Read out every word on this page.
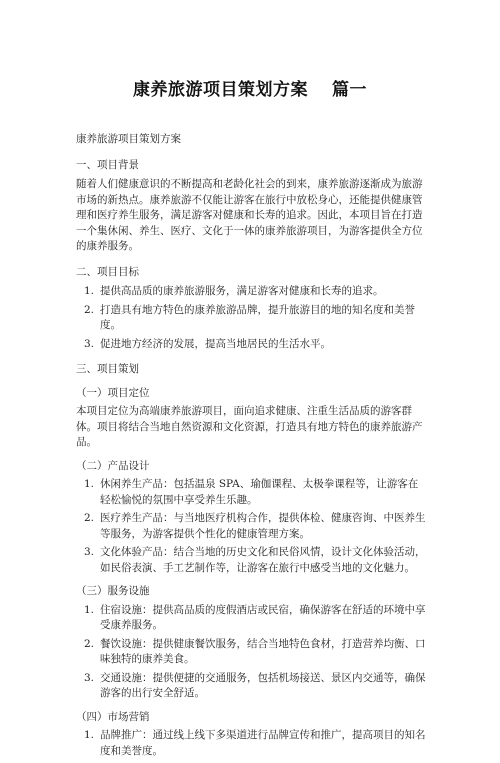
康养旅游项目策划方案　 篇一

康养旅游项目策划方案

一、项目背景

随着人们健康意识的不断提高和老龄化社会的到来，康养旅游逐渐成为旅游市场的新热点。康养旅游不仅能让游客在旅行中放松身心，还能提供健康管理和医疗养生服务，满足游客对健康和长寿的追求。因此，本项目旨在打造一个集休闲、养生、医疗、文化于一体的康养旅游项目，为游客提供全方位的康养服务。

二、项目目标

1. 提供高品质的康养旅游服务，满足游客对健康和长寿的追求。
2. 打造具有地方特色的康养旅游品牌，提升旅游目的地的知名度和美誉度。
3. 促进地方经济的发展，提高当地居民的生活水平。

三、项目策划

（一）项目定位

本项目定位为高端康养旅游项目，面向追求健康、注重生活品质的游客群体。项目将结合当地自然资源和文化资源，打造具有地方特色的康养旅游产品。

（二）产品设计

1. 休闲养生产品：包括温泉 SPA、瑜伽课程、太极拳课程等，让游客在轻松愉悦的氛围中享受养生乐趣。
2. 医疗养生产品：与当地医疗机构合作，提供体检、健康咨询、中医养生等服务，为游客提供个性化的健康管理方案。
3. 文化体验产品：结合当地的历史文化和民俗风情，设计文化体验活动，如民俗表演、手工艺制作等，让游客在旅行中感受当地的文化魅力。

（三）服务设施

1. 住宿设施：提供高品质的度假酒店或民宿，确保游客在舒适的环境中享受康养服务。
2. 餐饮设施：提供健康餐饮服务，结合当地特色食材，打造营养均衡、口味独特的康养美食。
3. 交通设施：提供便捷的交通服务，包括机场接送、景区内交通等，确保游客的出行安全舒适。

（四）市场营销

1. 品牌推广：通过线上线下多渠道进行品牌宣传和推广，提高项目的知名度和美誉度。
